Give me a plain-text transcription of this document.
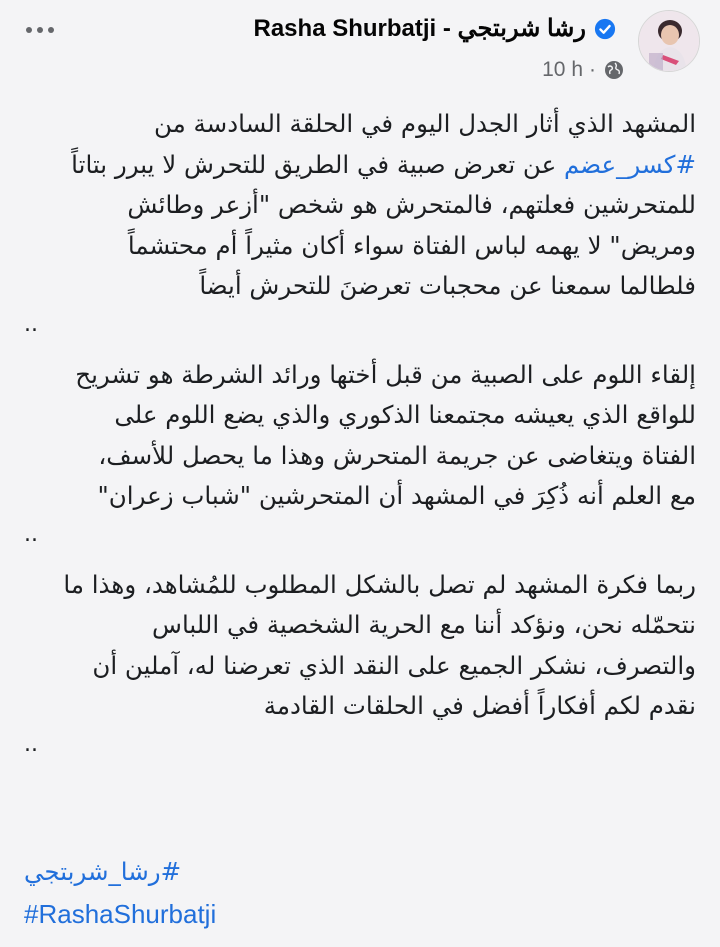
Rasha Shurbatji - رشا شربتجي
10 h ·

المشهد الذي أثار الجدل اليوم في الحلقة السادسة من

#كسر_عضم عن تعرض صبية في الطريق للتحرش لا يبرر بتاتاً

للمتحرشين فعلتهم، فالمتحرش هو شخص "أزعر وطائش

ومريض" لا يهمه لباس الفتاة سواء أكان مثيراً أم محتشماً

فلطالما سمعنا عن محجبات تعرضنَ للتحرش أيضاً

..

إلقاء اللوم على الصبية من قبل أختها ورائد الشرطة هو تشريح

للواقع الذي يعيشه مجتمعنا الذكوري والذي يضع اللوم على

الفتاة ويتغاضى عن جريمة المتحرش وهذا ما يحصل للأسف،

مع العلم أنه ذُكِرَ في المشهد أن المتحرشين "شباب زعران"

..

ربما فكرة المشهد لم تصل بالشكل المطلوب للمُشاهد، وهذا ما

نتحمّله نحن، ونؤكد أننا مع الحرية الشخصية في اللباس

والتصرف، نشكر الجميع على النقد الذي تعرضنا له، آملين أن

نقدم لكم أفكاراً أفضل في الحلقات القادمة

..
#رشا_شربتجي
#RashaShurbatji
